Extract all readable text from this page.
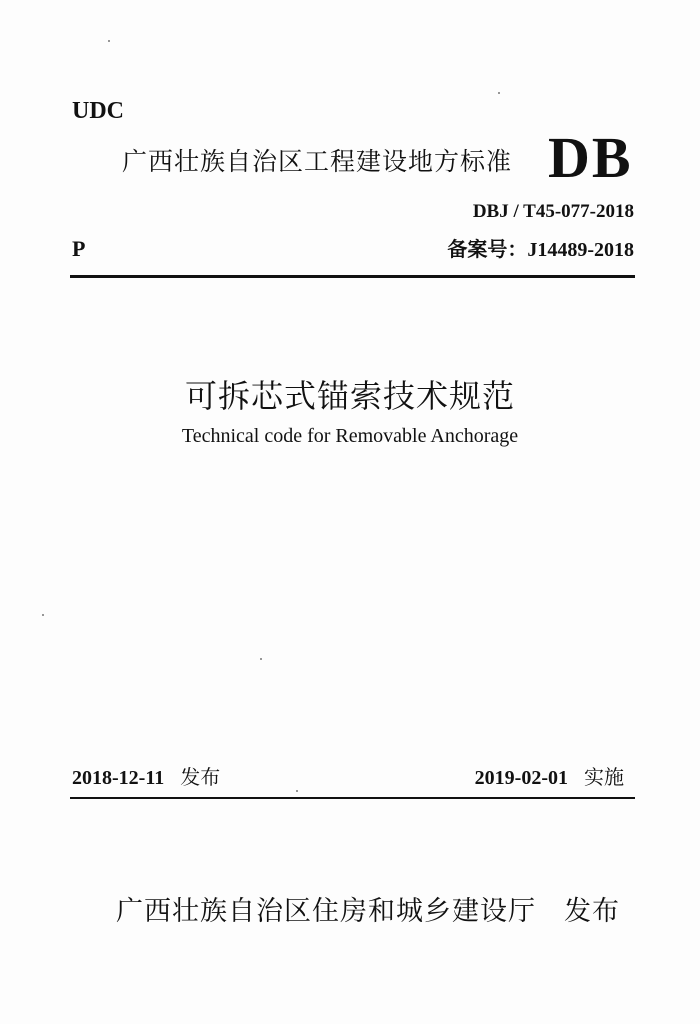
UDC
广西壮族自治区工程建设地方标准 DB
DBJ / T45-077-2018
P	备案号：J14489-2018
可拆芯式锚索技术规范
Technical code for Removable Anchorage
2018-12-11 发布	2019-02-01 实施
广西壮族自治区住房和城乡建设厅 发布
